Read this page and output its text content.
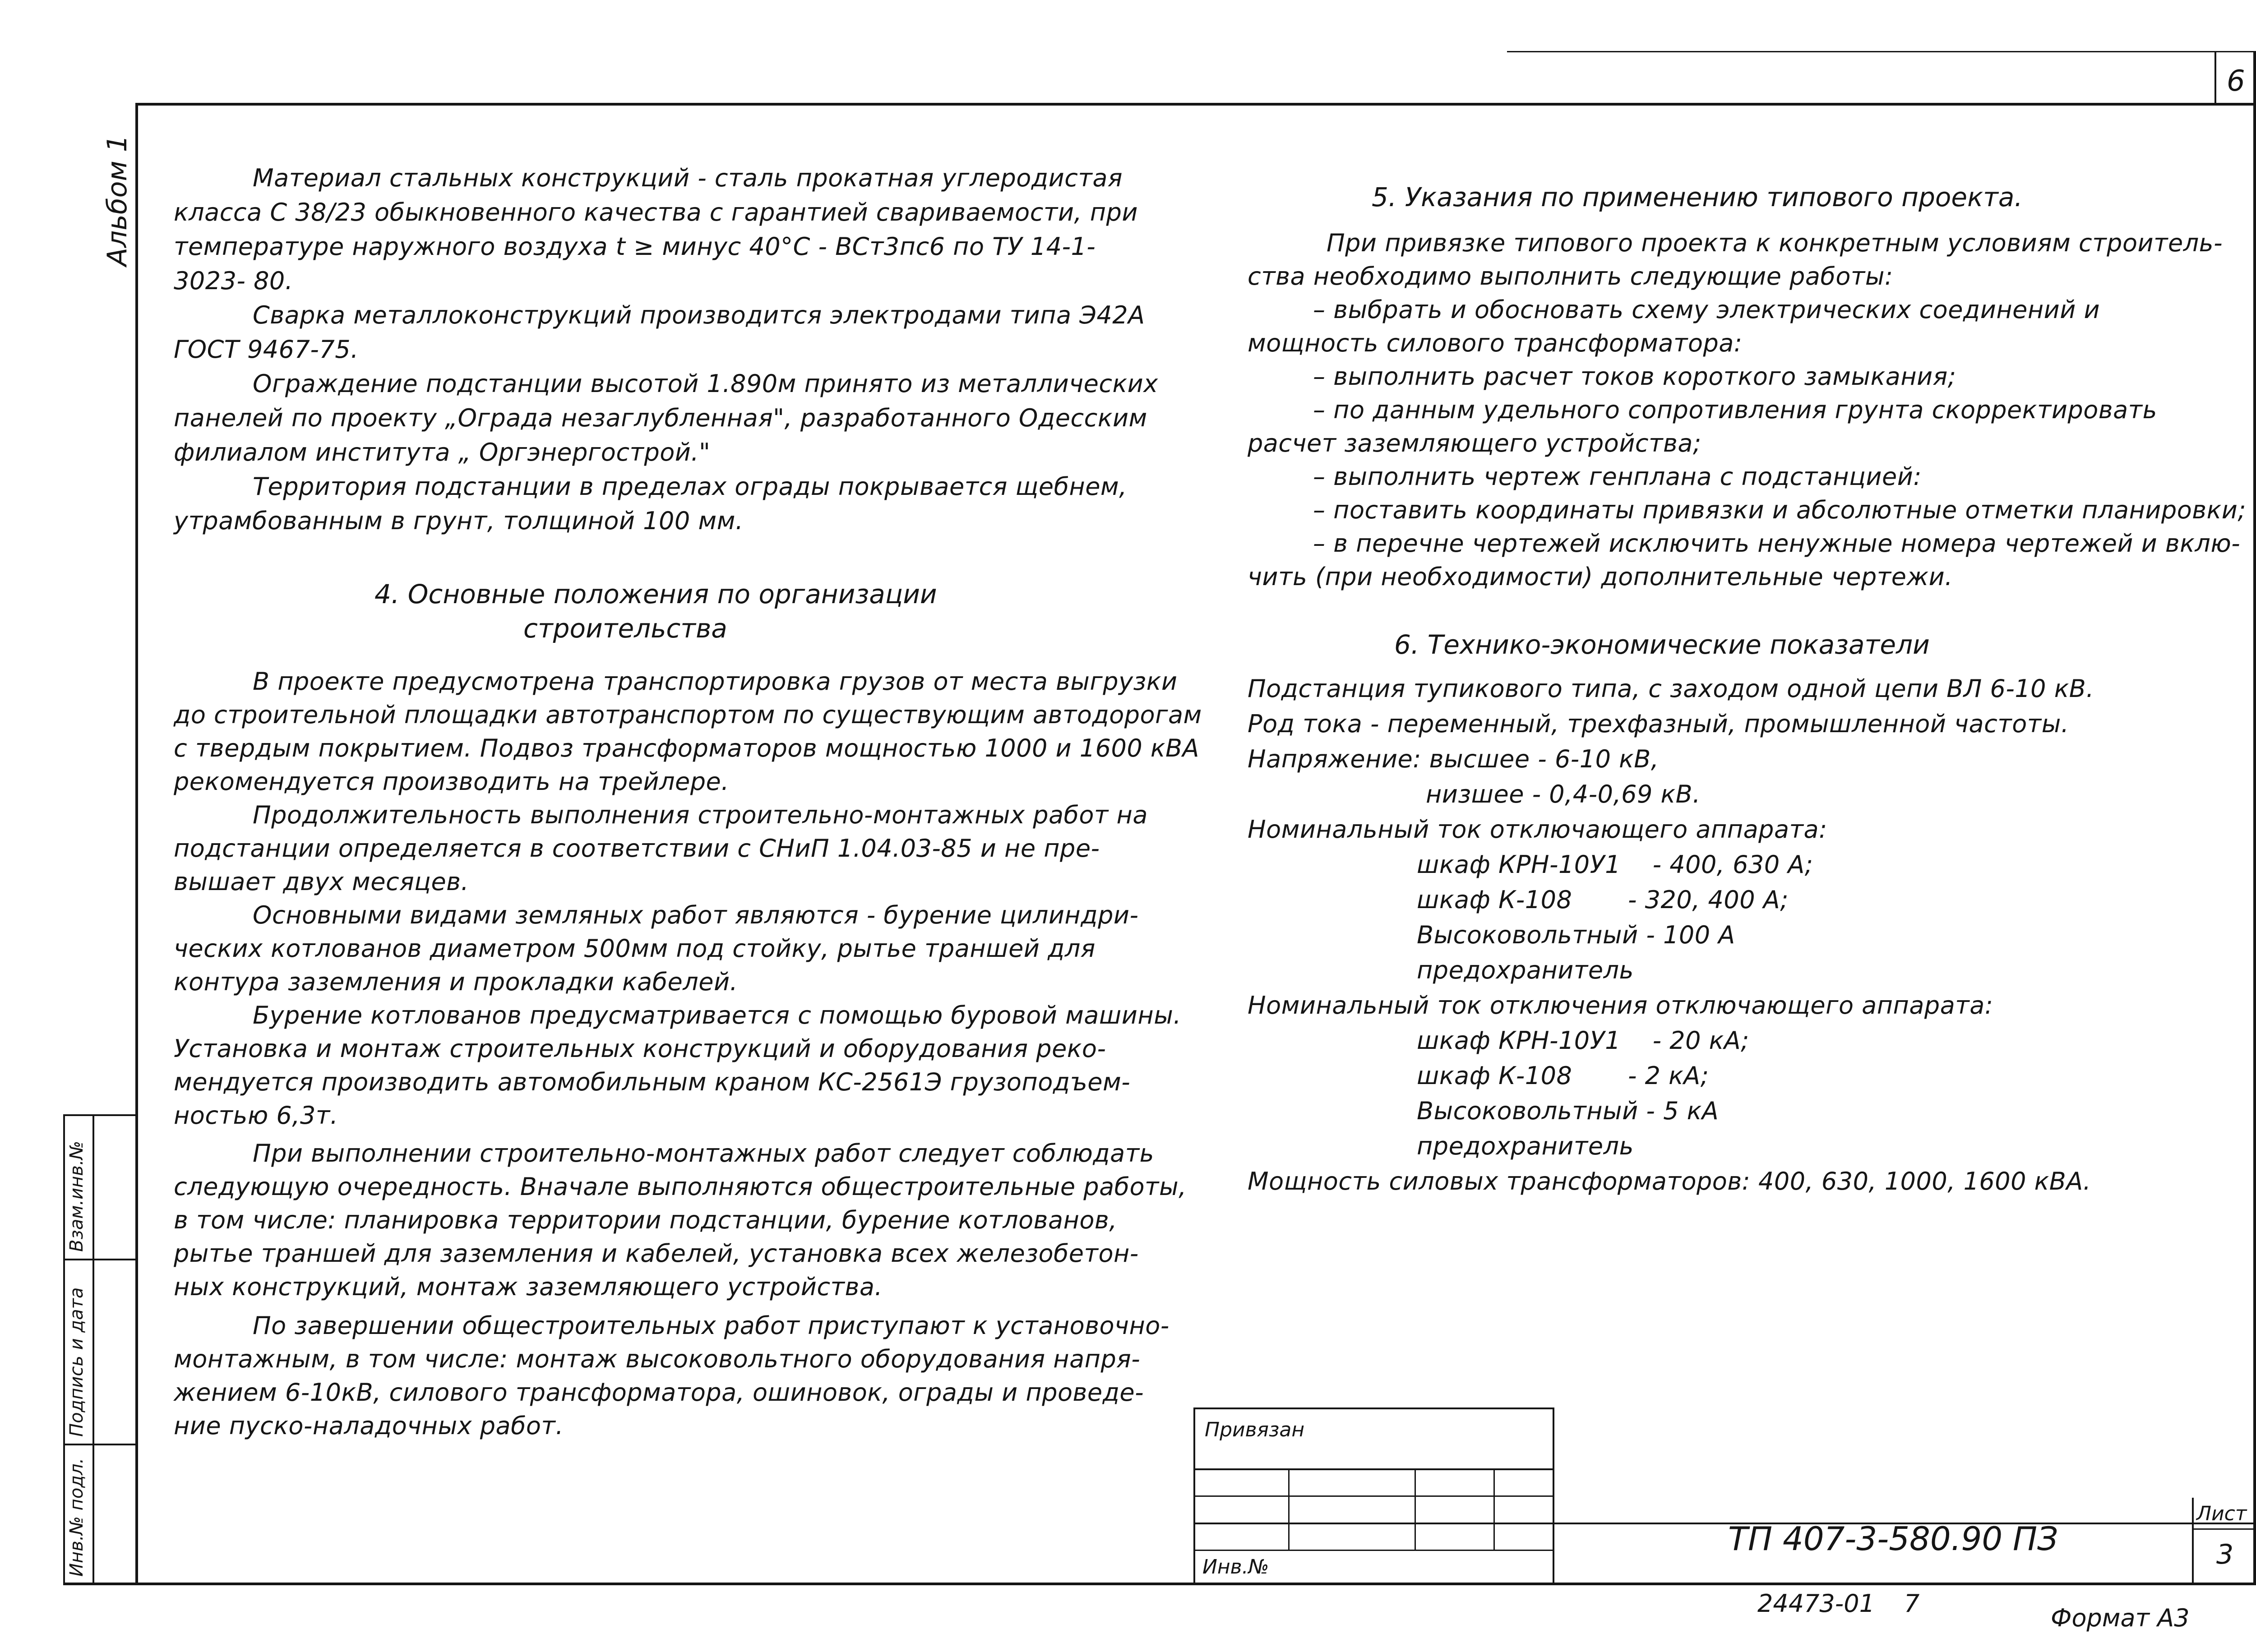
Альбом 1
Инв.№ подл.
Подпись и дата
Взам.инв.№
6
Материал стальных конструкций - сталь прокатная углеродистая
класса С 38/23 обыкновенного качества с гарантией свариваемости, при
температуре наружного воздуха t ≥ минус 40°С - ВСт3пс6 по ТУ 14-1-
3023- 80.
Сварка металлоконструкций производится электродами типа Э42А
ГОСТ 9467-75.
Ограждение подстанции высотой 1.890м принято из металлических
панелей по проекту „Ограда незаглубленная", разработанного Одесским
филиалом института „ Оргэнергострой."
Территория подстанции в пределах ограды покрывается щебнем,
утрамбованным в грунт, толщиной 100 мм.
4. Основные положения по организации
строительства
В проекте предусмотрена транспортировка грузов от места выгрузки
до строительной площадки автотранспортом по существующим автодорогам
с твердым покрытием. Подвоз трансформаторов мощностью 1000 и 1600 кВА
рекомендуется производить на трейлере.
Продолжительность выполнения строительно-монтажных работ на
подстанции определяется в соответствии с СНиП 1.04.03-85 и не пре-
вышает двух месяцев.
Основными видами земляных работ являются - бурение цилиндри-
ческих котлованов диаметром 500мм под стойку, рытье траншей для
контура заземления и прокладки кабелей.
Бурение котлованов предусматривается с помощью буровой машины.
Установка и монтаж строительных конструкций и оборудования реко-
мендуется производить автомобильным краном КС-2561Э грузоподъем-
ностью 6,3т.
При выполнении строительно-монтажных работ следует соблюдать
следующую очередность. Вначале выполняются общестроительные работы,
в том числе: планировка территории подстанции, бурение котлованов,
рытье траншей для заземления и кабелей, установка всех железобетон-
ных конструкций, монтаж заземляющего устройства.
По завершении общестроительных работ приступают к установочно-
монтажным, в том числе: монтаж высоковольтного оборудования напря-
жением 6-10кВ, силового трансформатора, ошиновок, ограды и проведе-
ние пуско-наладочных работ.
5. Указания по применению типового проекта.
При привязке типового проекта к конкретным условиям строитель-
ства необходимо выполнить следующие работы:
– выбрать и обосновать схему электрических соединений и
мощность силового трансформатора:
– выполнить расчет токов короткого замыкания;
– по данным удельного сопротивления грунта скорректировать
расчет заземляющего устройства;
– выполнить чертеж генплана с подстанцией:
– поставить координаты привязки и абсолютные отметки планировки;
– в перечне чертежей исключить ненужные номера чертежей и вклю-
чить (при необходимости) дополнительные чертежи.
6. Технико-экономические показатели
Подстанция тупикового типа, с заходом одной цепи ВЛ 6-10 кВ.
Род тока - переменный, трехфазный, промышленной частоты.
Напряжение: высшее - 6-10 кВ,
низшее - 0,4-0,69 кВ.
Номинальный ток отключающего аппарата:
шкаф КРН-10У1    - 400, 630 А;
шкаф К-108       - 320, 400 А;
Высоковольтный - 100 А
предохранитель
Номинальный ток отключения отключающего аппарата:
шкаф КРН-10У1    - 20 кА;
шкаф К-108       - 2 кА;
Высоковольтный - 5 кА
предохранитель
Мощность силовых трансформаторов: 400, 630, 1000, 1600 кВА.
Привязан
Инв.№
ТП 407-3-580.90 ПЗ
Лист
3
24473-01 7
Формат А3
